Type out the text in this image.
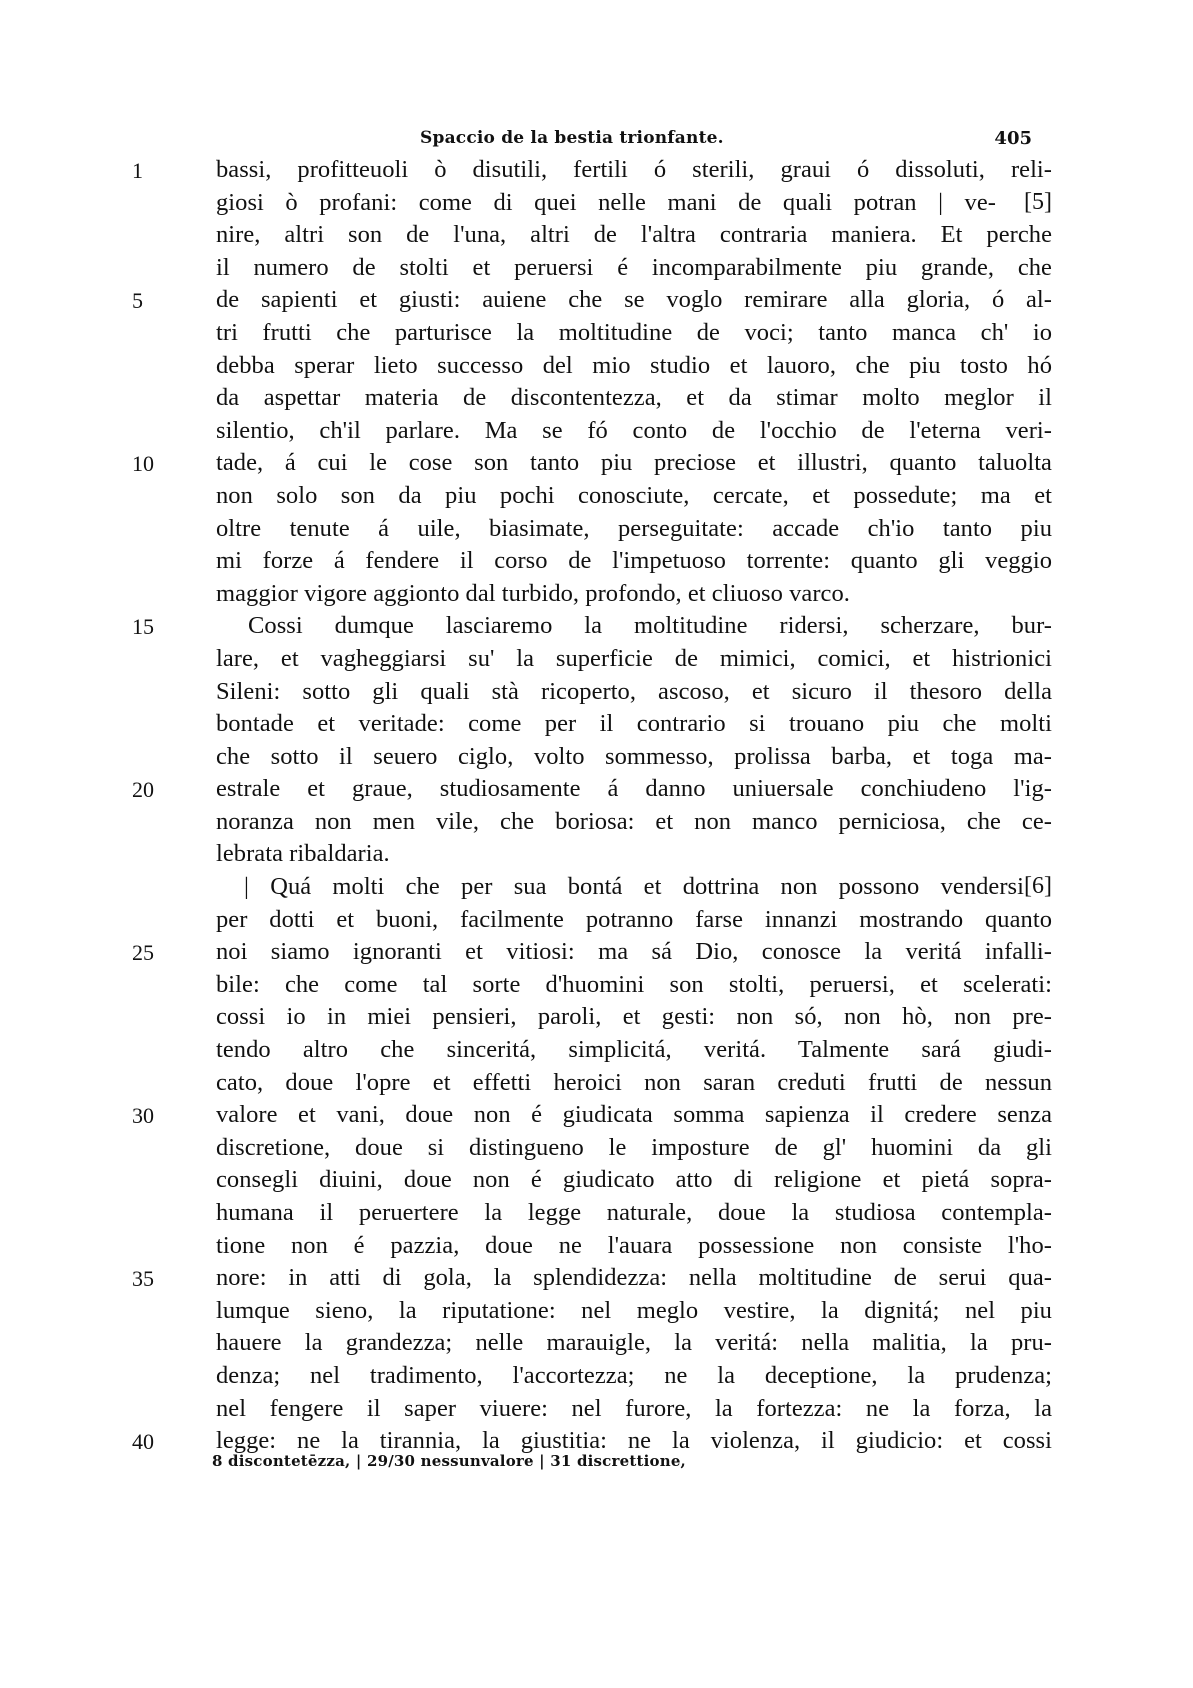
Spaccio de la bestia trionfante.	405
1	bassi, profitteuoli ò disutili, fertili ó sterili, graui ó dissoluti, reli-
giosi ò profani: come di quei nelle mani de quali potran | ve- [5]
nire, altri son de l'una, altri de l'altra contraria maniera. Et perche
il numero de stolti et peruersi é incomparabilmente piu grande, che
5	de sapienti et giusti: auiene che se voglo remirare alla gloria, ó al-
tri frutti che parturisce la moltitudine de voci; tanto manca ch' io
debba sperar lieto successo del mio studio et lauoro, che piu tosto hó
da aspettar materia de discontentezza, et da stimar molto meglor il
silentio, ch'il parlare. Ma se fó conto de l'occhio de l'eterna veri-
10	tade, á cui le cose son tanto piu preciose et illustri, quanto taluolta
non solo son da piu pochi conosciute, cercate, et possedute; ma et
oltre tenute á uile, biasimate, perseguitate: accade ch'io tanto piu
mi forze á fendere il corso de l'impetuoso torrente: quanto gli veggio
maggior vigore aggionto dal turbido, profondo, et cliuoso varco.
15	Cossi dumque lasciaremo la moltitudine ridersi, scherzare, bur-
lare, et vagheggiarsi su' la superficie de mimici, comici, et histrionici
Sileni: sotto gli quali stà ricoperto, ascoso, et sicuro il thesoro della
bontade et veritade: come per il contrario si trouano piu che molti
che sotto il seuero ciglo, volto sommesso, prolissa barba, et toga ma-
20	estrale et graue, studiosamente á danno uniuersale conchiudeno l'ig-
noranza non men vile, che boriosa: et non manco perniciosa, che ce-
lebrata ribaldaria.
| Quá molti che per sua bontá et dottrina non possono vendersi [6]
per dotti et buoni, facilmente potranno farse innanzi mostrando quanto
25	noi siamo ignoranti et vitiosi: ma sá Dio, conosce la veritá infalli-
bile: che come tal sorte d'huomini son stolti, peruersi, et scelerati:
cossi io in miei pensieri, paroli, et gesti: non só, non hò, non pre-
tendo altro che sinceritá, simplicitá, veritá. Talmente sará giudi-
cato, doue l'opre et effetti heroici non saran creduti frutti de nessun
30	valore et vani, doue non é giudicata somma sapienza il credere senza
discretione, doue si distingueno le imposture de gl' huomini da gli
consegli diuini, doue non é giudicato atto di religione et pietá sopra-
humana il peruertere la legge naturale, doue la studiosa contempla-
tione non é pazzia, doue ne l'auara possessione non consiste l'ho-
35	nore: in atti di gola, la splendidezza: nella moltitudine de serui qua-
lumque sieno, la riputatione: nel meglo vestire, la dignitá; nel piu
hauere la grandezza; nelle marauigle, la veritá: nella malitia, la pru-
denza; nel tradimento, l'accortezza; ne la deceptione, la prudenza;
nel fengere il saper viuere: nel furore, la fortezza: ne la forza, la
40	legge: ne la tirannia, la giustitia: ne la violenza, il giudicio: et cossi
8 discontetēzza, | 29/30 nessunvalore | 31 discrettione,
